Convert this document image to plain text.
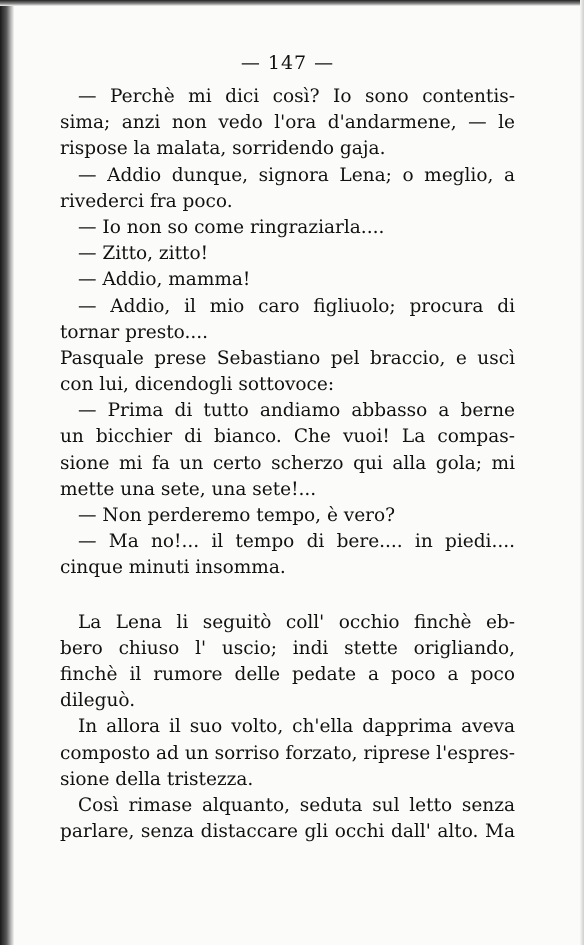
— 147 —
— Perchè mi dici così? Io sono contentis-
sima; anzi non vedo l'ora d'andarmene, — le
rispose la malata, sorridendo gaja.
— Addio dunque, signora Lena; o meglio, a
rivederci fra poco.
— Io non so come ringraziarla....
— Zitto, zitto!
— Addio, mamma!
— Addio, il mio caro figliuolo; procura di
tornar presto....
Pasquale prese Sebastiano pel braccio, e uscì
con lui, dicendogli sottovoce:
— Prima di tutto andiamo abbasso a berne
un bicchier di bianco. Che vuoi! La compas-
sione mi fa un certo scherzo qui alla gola; mi
mette una sete, una sete!...
— Non perderemo tempo, è vero?
— Ma no!... il tempo di bere.... in piedi....
cinque minuti insomma.
La Lena li seguitò coll' occhio finchè eb-
bero chiuso l' uscio; indi stette origliando,
finchè il rumore delle pedate a poco a poco
dileguò.
In allora il suo volto, ch'ella dapprima aveva
composto ad un sorriso forzato, riprese l'espres-
sione della tristezza.
Così rimase alquanto, seduta sul letto senza
parlare, senza distaccare gli occhi dall' alto. Ma
